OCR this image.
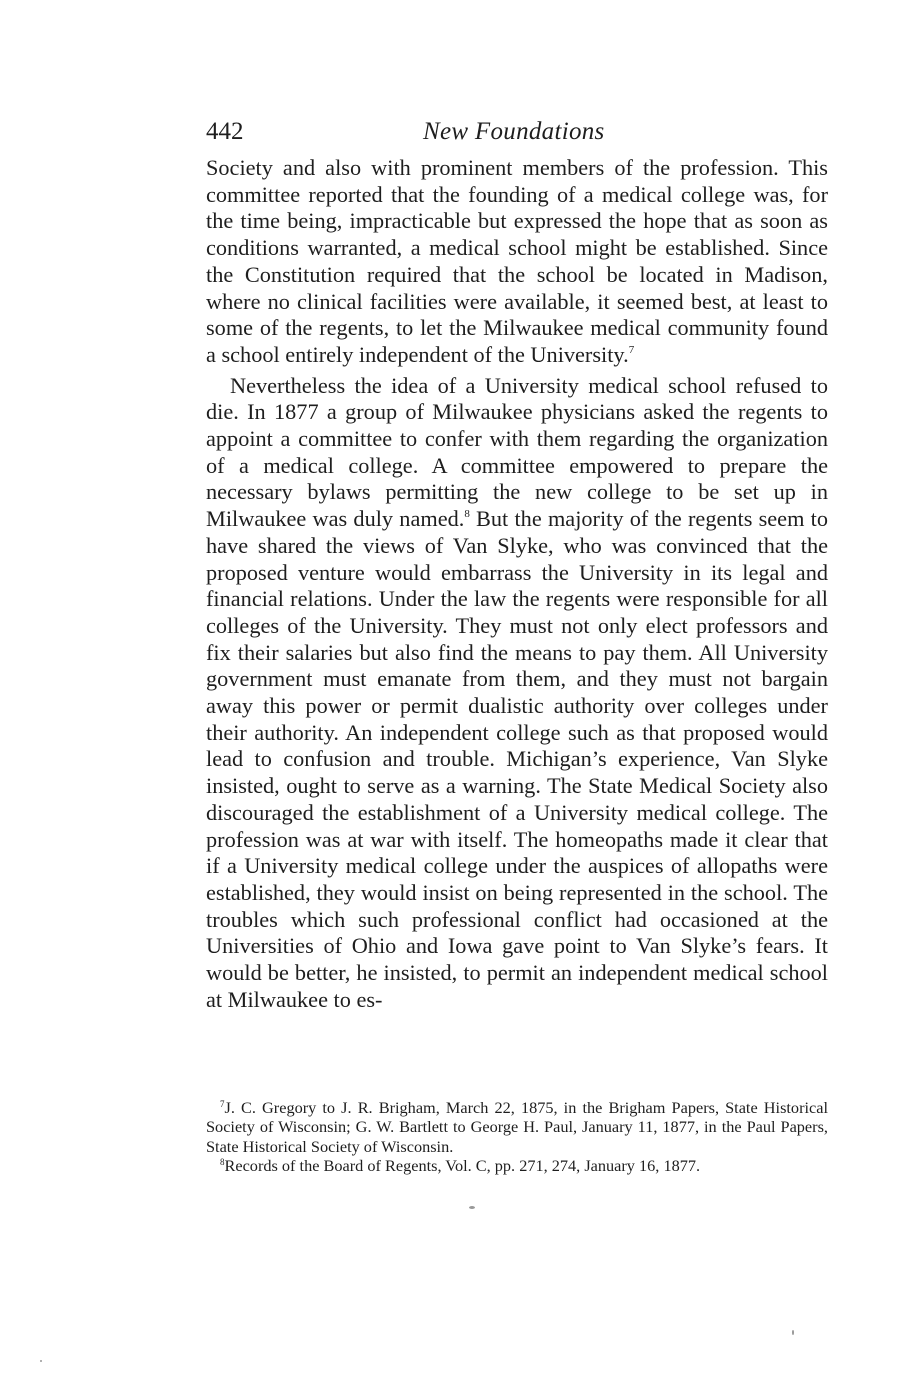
442	New Foundations

Society and also with prominent members of the profession. This committee reported that the founding of a medical college was, for the time being, impracticable but expressed the hope that as soon as conditions warranted, a medical school might be established. Since the Constitution required that the school be located in Madison, where no clinical facilities were available, it seemed best, at least to some of the regents, to let the Milwaukee medical community found a school entirely independent of the University.$^7$

Nevertheless the idea of a University medical school refused to die. In 1877 a group of Milwaukee physicians asked the regents to appoint a committee to confer with them regarding the organization of a medical college. A committee empowered to prepare the necessary bylaws permitting the new college to be set up in Milwaukee was duly named.$^8$ But the majority of the regents seem to have shared the views of Van Slyke, who was convinced that the proposed venture would embarrass the University in its legal and financial relations. Under the law the regents were responsible for all colleges of the University. They must not only elect professors and fix their salaries but also find the means to pay them. All University government must emanate from them, and they must not bargain away this power or permit dualistic authority over colleges under their authority. An independent college such as that proposed would lead to confusion and trouble. Michigan’s experience, Van Slyke insisted, ought to serve as a warning. The State Medical Society also discouraged the establishment of a University medical college. The profession was at war with itself. The homeopaths made it clear that if a University medical college under the auspices of allopaths were established, they would insist on being represented in the school. The troubles which such professional conflict had occasioned at the Universities of Ohio and Iowa gave point to Van Slyke’s fears. It would be better, he insisted, to permit an independent medical school at Milwaukee to es-

$^7$J. C. Gregory to J. R. Brigham, March 22, 1875, in the Brigham Papers, State Historical Society of Wisconsin; G. W. Bartlett to George H. Paul, January 11, 1877, in the Paul Papers, State Historical Society of Wisconsin.

$^8$Records of the Board of Regents, Vol. C, pp. 271, 274, January 16, 1877.
